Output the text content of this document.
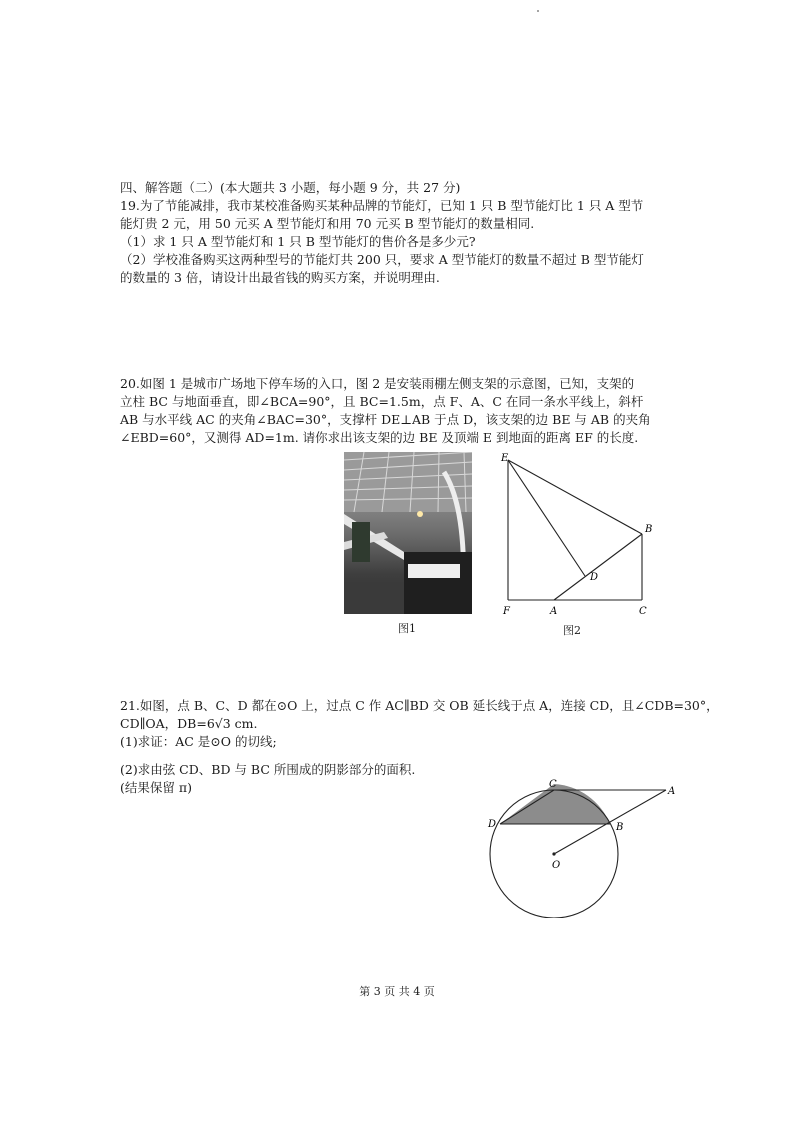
四、解答题（二）(本大题共 3 小题，每小题 9 分，共 27 分)
19.为了节能减排，我市某校准备购买某种品牌的节能灯，已知 1 只 B 型节能灯比 1 只 A 型节
能灯贵 2 元，用 50 元买 A 型节能灯和用 70 元买 B 型节能灯的数量相同.
（1）求 1 只 A 型节能灯和 1 只 B 型节能灯的售价各是多少元?
（2）学校准备购买这两种型号的节能灯共 200 只，要求 A 型节能灯的数量不超过 B 型节能灯
的数量的 3 倍，请设计出最省钱的购买方案，并说明理由.
20.如图 1 是城市广场地下停车场的入口，图 2 是安装雨棚左侧支架的示意图，已知，支架的
立柱 BC 与地面垂直，即∠BCA=90°，且 BC=1.5m，点 F、A、C 在同一条水平线上，斜杆
AB 与水平线 AC 的夹角∠BAC=30°，支撑杆 DE⊥AB 于点 D，该支架的边 BE 与 AB 的夹角
∠EBD=60°，又测得 AD=1m. 请你求出该支架的边 BE 及顶端 E 到地面的距离 EF 的长度.
图1
E
B
D
F	A	C
图2
21.如图，点 B、C、D 都在⊙O 上，过点 C 作 AC∥BD 交 OB 延长线于点 A，连接 CD，且∠CDB=30°，
CD∥OA，DB=6√3 cm.
(1)求证：AC 是⊙O 的切线;
(2)求由弦 CD、BD 与 BC 所围成的阴影部分的面积.
(结果保留 π)	C
A
D	B
O
第 3 页 共 4 页
